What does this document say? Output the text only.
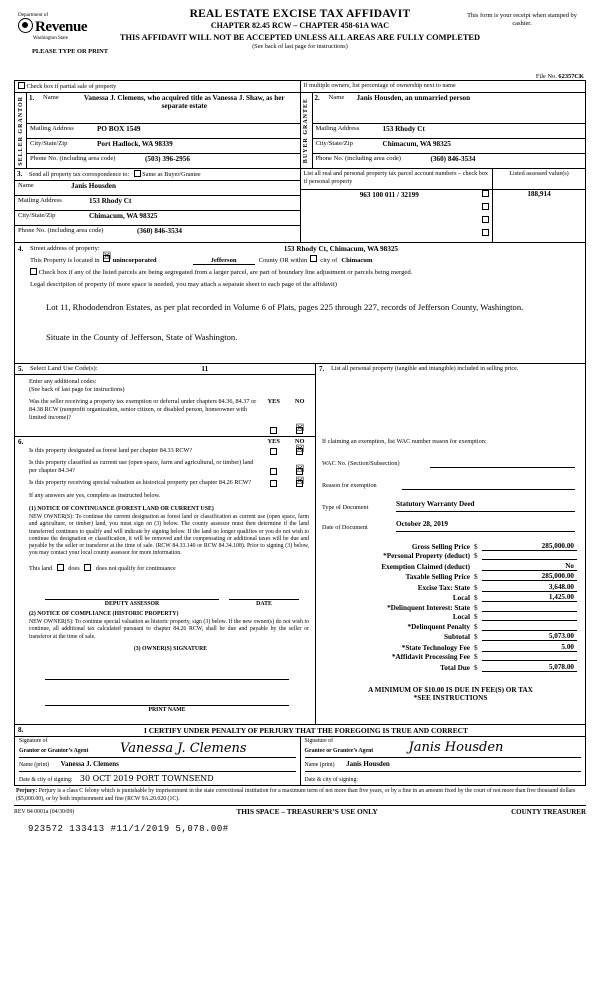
Department of
Revenue
Washington State
This form is your receipt when stamped by cashier.
REAL ESTATE EXCISE TAX AFFIDAVIT
CHAPTER 82.45 RCW – CHAPTER 458-61A WAC
THIS AFFIDAVIT WILL NOT BE ACCEPTED UNLESS ALL AREAS ARE FULLY COMPLETED
(See back of last page for instructions)
PLEASE TYPE OR PRINT
File No. 62357CK
Check box if partial sale of property	If multiple owners, list percentage of ownership next to name
SELLER GRANTOR 1.	Name	Vanessa J. Clemens, who acquired title as Vanessa J. Shaw, as her separate estate
Mailing Address	PO BOX 1549
City/State/Zip	Port Hadlock, WA 98339
Phone No. (including area code)	(503) 396-2956	BUYER GRANTEE 2.	Name	Janis Housden, an unmarried person
Mailing Address	153 Rhody Ct
City/State/Zip	Chimacum, WA 98325
Phone No. (including area code)	(360) 846-3534
3.	Send all property tax correspondence to: Same as Buyer/Grantee
Name	Janis Housden
Mailing Address	153 Rhody Ct
City/State/Zip	Chimacum, WA 98325
Phone No. (including area code)	(360) 846-3534
List all real and personal property tax parcel account numbers – check box if personal property
963 100 011 / 32199
Listed assessed value(s)
188,914
4.	Street address of property:	153 Rhody Ct, Chimacum, WA 98325
This Property is located in ☒ unincorporated	Jefferson	County OR within city of Chimacum
Check box if any of the listed parcels are being segregated from a larger parcel, are part of boundary line adjustment or parcels being merged.
Legal description of property (if more space is needed, you may attach a separate sheet to each page of the affidavit)
Lot 11, Rhododendron Estates, as per plat recorded in Volume 6 of Plats, pages 225 through 227, records of Jefferson County, Washington.
Situate in the County of Jefferson, State of Washington.
5.	Select Land Use Code(s):	11
Enter any additional codes:
(See back of last page for instructions)
Was the seller receiving a property tax exemption or deferral under chapters 84.36, 84.37 or 84.38 RCW (nonprofit organization, senior citizen, or disabled person, homeowner with limited income)?
YES NO
☒
6.	YES NO
Is this property designated as forest land per chapter 84.33 RCW?
☒
Is this property classified as current use (open space, farm and agricultural, or timber) land per chapter 84.34?
☒
Is this property receiving special valuation as historical property per chapter 84.26 RCW?
☒
If any answers are yes, complete as instructed below.
(1) NOTICE OF CONTINUANCE (FOREST LAND OR CURRENT USE)
NEW OWNER(S): To continue the current designation as forest land or classification as current use (open space, farm and agriculture, or timber) land, you must sign on (3) below. The county assessor must then determine if the land transferred continues to qualify and will indicate by signing below. If the land no longer qualifies or you do not wish to continue the designation or classification, it will be removed and the compensating or additional taxes will be due and payable by the seller or transferor at the time of sale. (RCW 84.33.140 or RCW 84.34.108). Prior to signing (3) below, you may contact your local county assessor for more information.
This land	does	does not qualify for continuance
DEPUTY ASSESSOR	DATE
(2) NOTICE OF COMPLIANCE (HISTORIC PROPERTY)
NEW OWNER(S): To continue special valuation as historic property, sign (3) below. If the new owner(s) do not wish to continue, all additional tax calculated pursuant to chapter 84.26 RCW, shall be due and payable by the seller or transferor at the time of sale.
(3) OWNER(S) SIGNATURE
PRINT NAME
7.	List all personal property (tangible and intangible) included in selling price.
If claiming an exemption, list WAC number reason for exemption:
WAC No. (Section/Subsection)
Reason for exemption
Type of Document	Statutory Warranty Deed
Date of Document	October 28, 2019
Gross Selling Price $	285,000.00
*Personal Property (deduct) $
Exemption Claimed (deduct)	No
Taxable Selling Price $	285,000.00
Excise Tax: State $	3,648.00
Local $	1,425.00
*Delinquent Interest: State $
Local $
*Delinquent Penalty $
Subtotal $	5,073.00
*State Technology Fee $	5.00
*Affidavit Processing Fee $
Total Due $	5,078.00
A MINIMUM OF $10.00 IS DUE IN FEE(S) OR TAX
*SEE INSTRUCTIONS
8.	I CERTIFY UNDER PENALTY OF PERJURY THAT THE FOREGOING IS TRUE AND CORRECT
Signature of
Grantor or Grantor’s Agent Vanessa J. Clemens
Name (print) Vanessa J. Clemens
Date & city of signing: 30 OCT 2019 PORT TOWNSEND
Signature of
Grantee or Grantee’s Agent	Janis Housden
Name (print) Janis Housden
Date & city of signing:
Perjury: Perjury is a class C felony which is punishable by imprisonment in the state correctional institution for a maximum term of not more than five years, or by a fine in an amount fixed by the court of not more than five thousand dollars ($5,000.00), or by both imprisonment and fine (RCW 9A.20.020 (1C).
REV 84 0001a (04/30/09)	THIS SPACE – TREASURER’S USE ONLY	COUNTY TREASURER
923572 133413 #11/1/2019 5,078.00#
